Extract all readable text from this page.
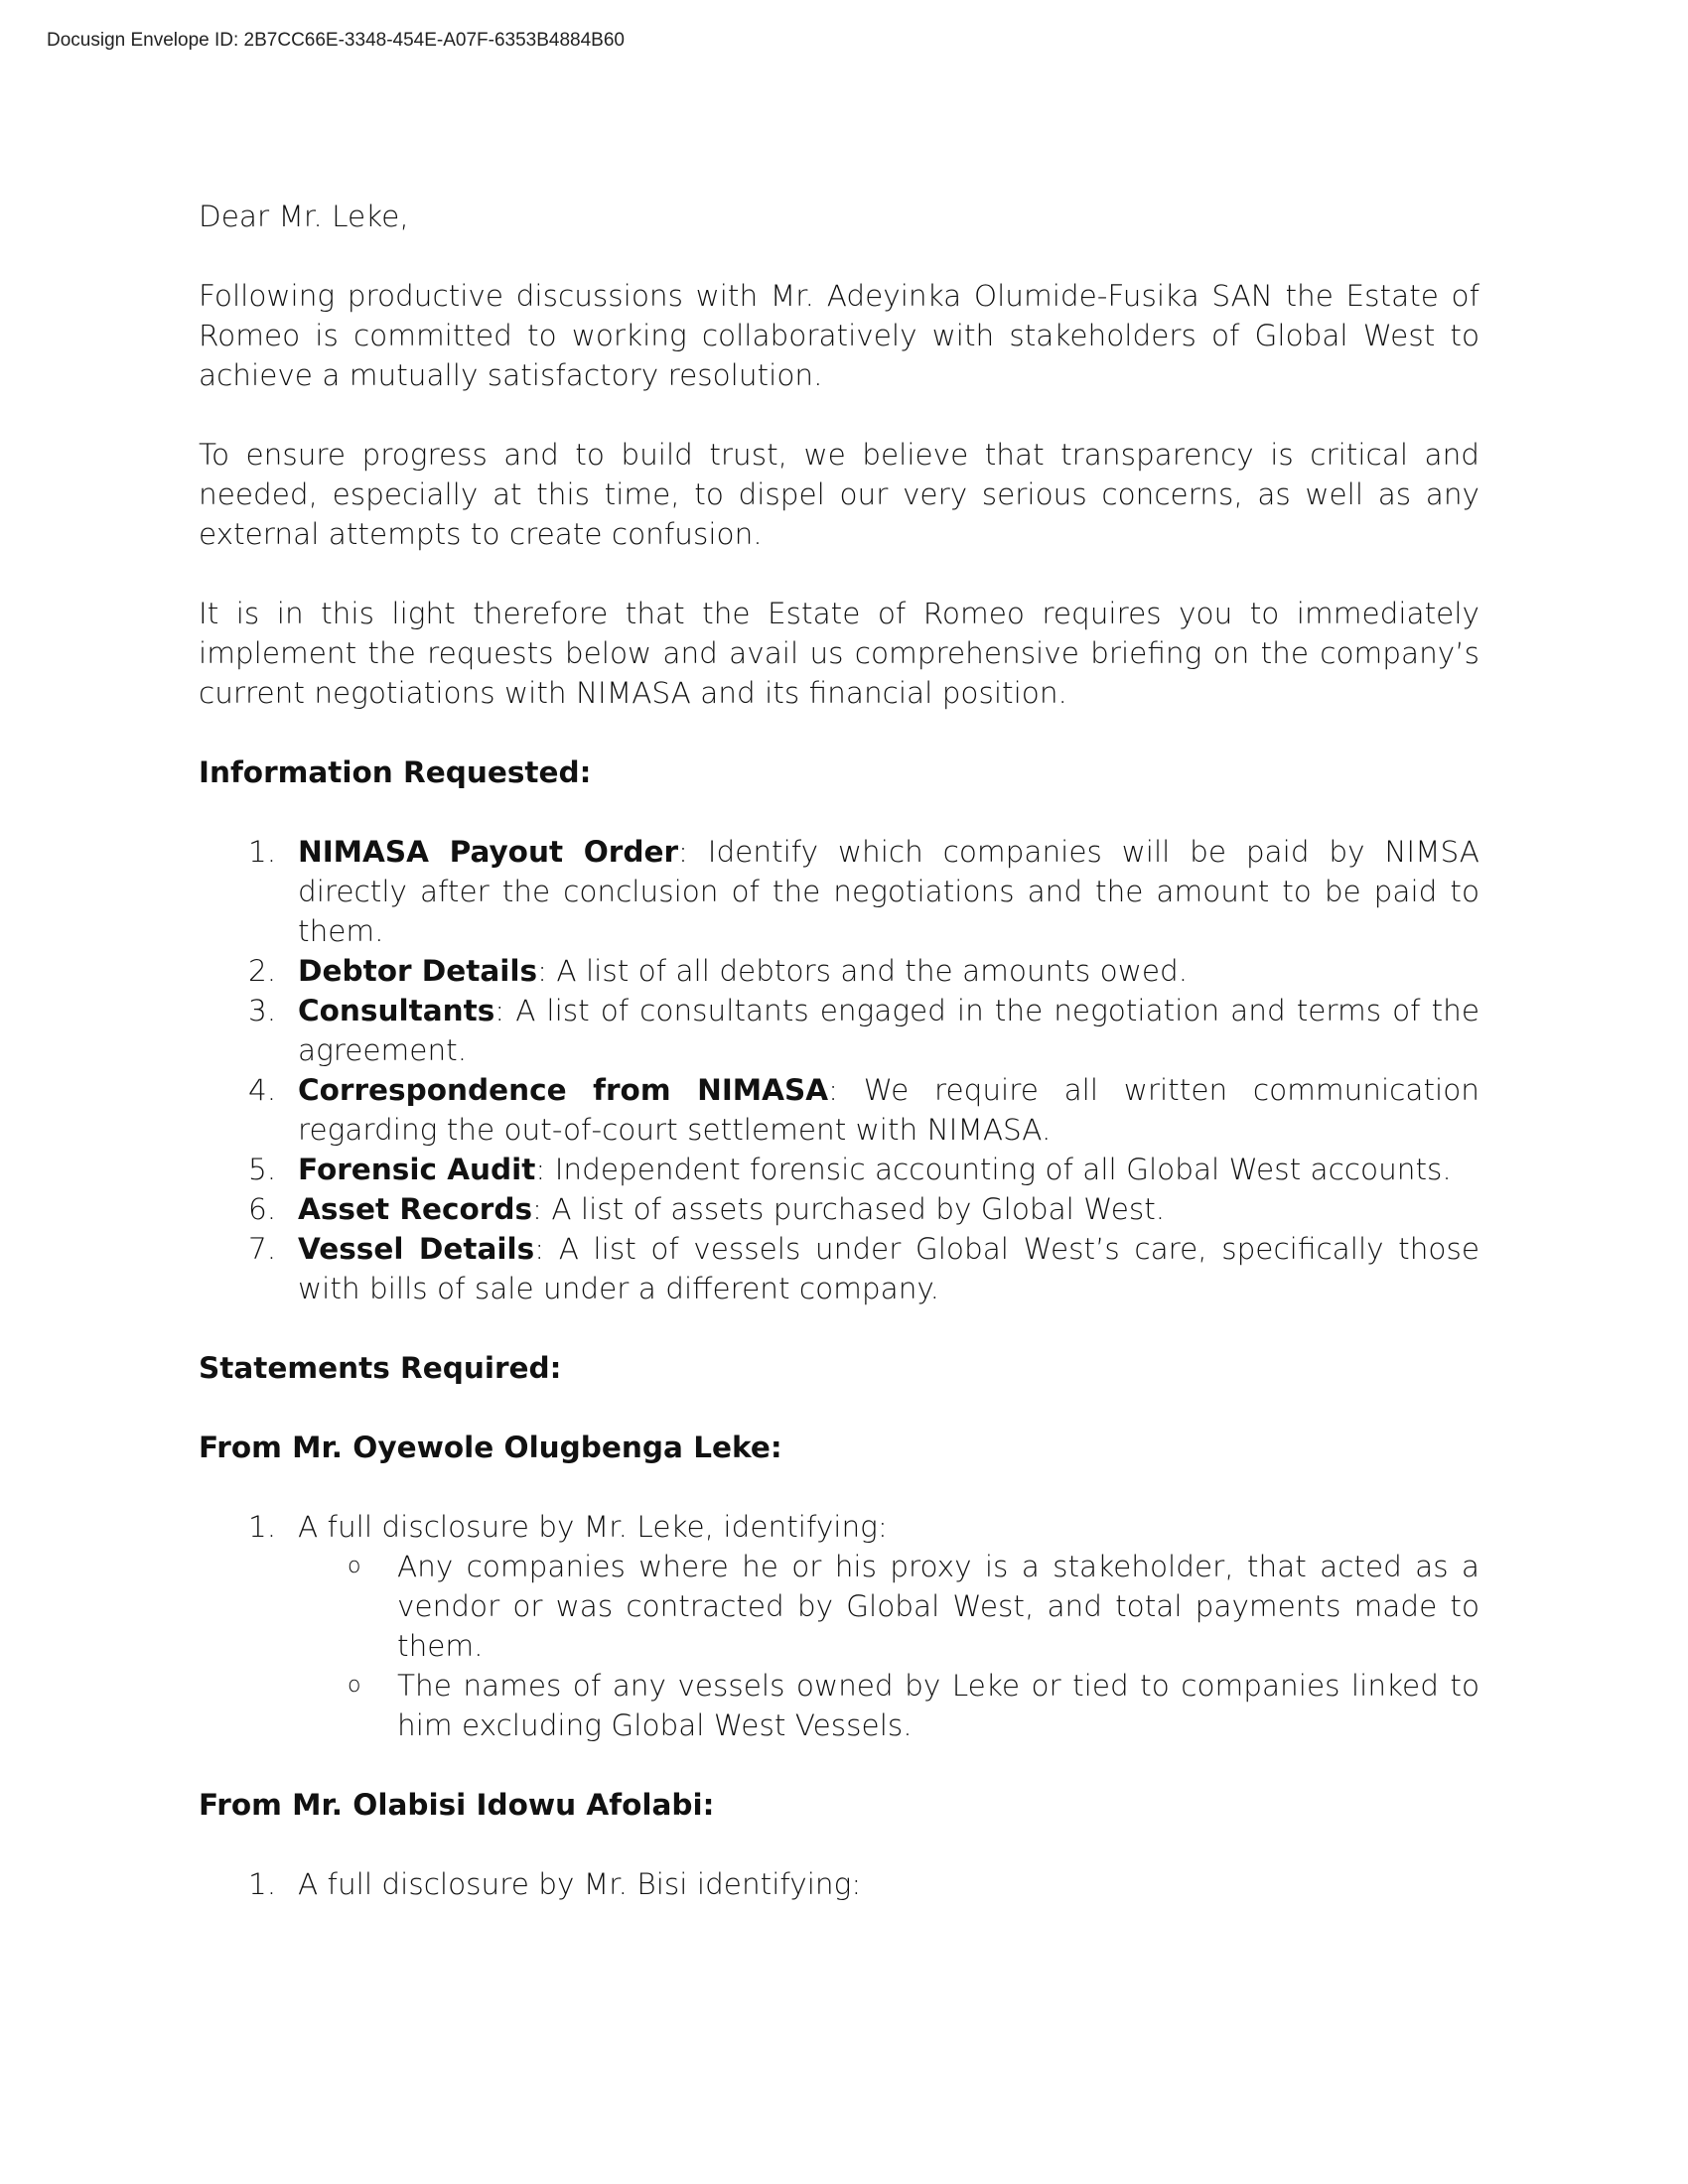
Docusign Envelope ID: 2B7CC66E-3348-454E-A07F-6353B4884B60
Dear Mr. Leke,
Following productive discussions with Mr. Adeyinka Olumide-Fusika SAN the Estate of Romeo is committed to working collaboratively with stakeholders of Global West to achieve a mutually satisfactory resolution.
To ensure progress and to build trust, we believe that transparency is critical and needed, especially at this time, to dispel our very serious concerns, as well as any external attempts to create confusion.
It is in this light therefore that the Estate of Romeo requires you to immediately implement the requests below and avail us comprehensive briefing on the company’s current negotiations with NIMASA and its financial position.
Information Requested:
1. NIMASA Payout Order: Identify which companies will be paid by NIMSA directly after the conclusion of the negotiations and the amount to be paid to them.
2. Debtor Details: A list of all debtors and the amounts owed.
3. Consultants: A list of consultants engaged in the negotiation and terms of the agreement.
4. Correspondence from NIMASA: We require all written communication regarding the out-of-court settlement with NIMASA.
5. Forensic Audit: Independent forensic accounting of all Global West accounts.
6. Asset Records: A list of assets purchased by Global West.
7. Vessel Details: A list of vessels under Global West’s care, specifically those with bills of sale under a different company.
Statements Required:
From Mr. Oyewole Olugbenga Leke:
1. A full disclosure by Mr. Leke, identifying:
o Any companies where he or his proxy is a stakeholder, that acted as a vendor or was contracted by Global West, and total payments made to them.
o The names of any vessels owned by Leke or tied to companies linked to him excluding Global West Vessels.
From Mr. Olabisi Idowu Afolabi:
1. A full disclosure by Mr. Bisi identifying:
